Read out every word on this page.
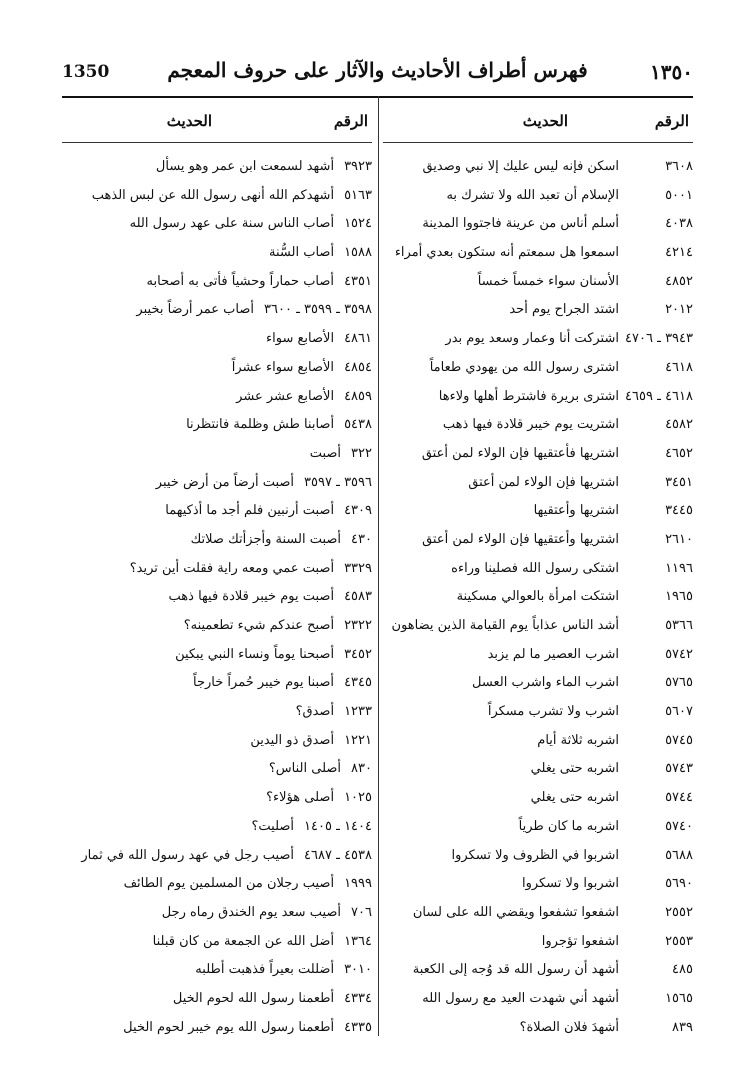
1350	فهرس أطراف الأحاديث والآثار على حروف المعجم	١٣٥٠
الرقم
الحديث
٣٦٠٨
اسكن فإنه ليس عليك إلا نبي وصديق
٥٠٠١
الإسلام أن تعبد الله ولا تشرك به
٤٠٣٨
أسلم أناس من عرينة فاجتووا المدينة
٤٢١٤
اسمعوا هل سمعتم أنه ستكون بعدي أمراء
٤٨٥٢
الأسنان سواء خمساً خمساً
٢٠١٢
اشتد الجراح يوم أحد
٣٩٤٣ ـ ٤٧٠٦
اشتركت أنا وعمار وسعد يوم بدر
٤٦١٨
اشترى رسول الله من يهودي طعاماً
٤٦١٨ ـ ٤٦٥٩
اشترى بريرة فاشترط أهلها ولاءها
٤٥٨٢
اشتريت يوم خيبر قلادة فيها ذهب
٤٦٥٢
اشتريها فأعتقيها فإن الولاء لمن أعتق
٣٤٥١
اشتريها فإن الولاء لمن أعتق
٣٤٤٥
اشتريها وأعتقيها
٢٦١٠
اشتريها وأعتقيها فإن الولاء لمن أعتق
١١٩٦
اشتكى رسول الله فصلينا وراءه
١٩٦٥
اشتكت امرأة بالعوالي مسكينة
٥٣٦٦
أشد الناس عذاباً يوم القيامة الذين يضاهون
٥٧٤٢
اشرب العصير ما لم يزبد
٥٧٦٥
اشرب الماء واشرب العسل
٥٦٠٧
اشرب ولا تشرب مسكراً
٥٧٤٥
اشربه ثلاثة أيام
٥٧٤٣
اشربه حتى يغلي
٥٧٤٤
اشربه حتى يغلي
٥٧٤٠
اشربه ما كان طرياً
٥٦٨٨
اشربوا في الظروف ولا تسكروا
٥٦٩٠
اشربوا ولا تسكروا
٢٥٥٢
اشفعوا تشفعوا ويقضي الله على لسان
٢٥٥٣
اشفعوا تؤجروا
٤٨٥
أشهد أن رسول الله قد وُجه إلى الكعبة
١٥٦٥
أشهد أني شهدت العيد مع رسول الله
٨٣٩
أشهدَ فلان الصلاة؟
الرقم
الحديث
٣٩٢٣
أشهد لسمعت ابن عمر وهو يسأل
٥١٦٣
أشهدكم الله أنهى رسول الله عن لبس الذهب
١٥٢٤
أصاب الناس سنة على عهد رسول الله
١٥٨٨
أصاب السُّنة
٤٣٥١
أصاب حماراً وحشياً فأتى به أصحابه
٣٥٩٨ ـ ٣٥٩٩ ـ ٣٦٠٠
أصاب عمر أرضاً بخيبر
٤٨٦١
الأصابع سواء
٤٨٥٤
الأصابع سواء عشراً
٤٨٥٩
الأصابع عشر عشر
٥٤٣٨
أصابنا طش وظلمة فانتظرنا
٣٢٢
أصبت
٣٥٩٦ ـ ٣٥٩٧
أصبت أرضاً من أرض خيبر
٤٣٠٩
أصبت أرنبين فلم أجد ما أذكيهما
٤٣٠
أصبت السنة وأجزأتك صلاتك
٣٣٢٩
أصبت عمي ومعه راية فقلت أين تريد؟
٤٥٨٣
أصبت يوم خيبر قلادة فيها ذهب
٢٣٢٢
أصبح عندكم شيء تطعمينه؟
٣٤٥٢
أصبحنا يوماً ونساء النبي يبكين
٤٣٤٥
أصبنا يوم خيبر حُمراً خارجاً
١٢٣٣
أصدق؟
١٢٢١
أصدق ذو اليدين
٨٣٠
أصلى الناس؟
١٠٢٥
أصلى هؤلاء؟
١٤٠٤ ـ ١٤٠٥
أصليت؟
٤٥٣٨ ـ ٤٦٨٧
أصيب رجل في عهد رسول الله في ثمار
١٩٩٩
أصيب رجلان من المسلمين يوم الطائف
٧٠٦
أصيب سعد يوم الخندق رماه رجل
١٣٦٤
أضل الله عن الجمعة من كان قبلنا
٣٠١٠
أضللت بعيراً فذهبت أطلبه
٤٣٣٤
أطعمنا رسول الله لحوم الخيل
٤٣٣٥
أطعمنا رسول الله يوم خيبر لحوم الخيل
